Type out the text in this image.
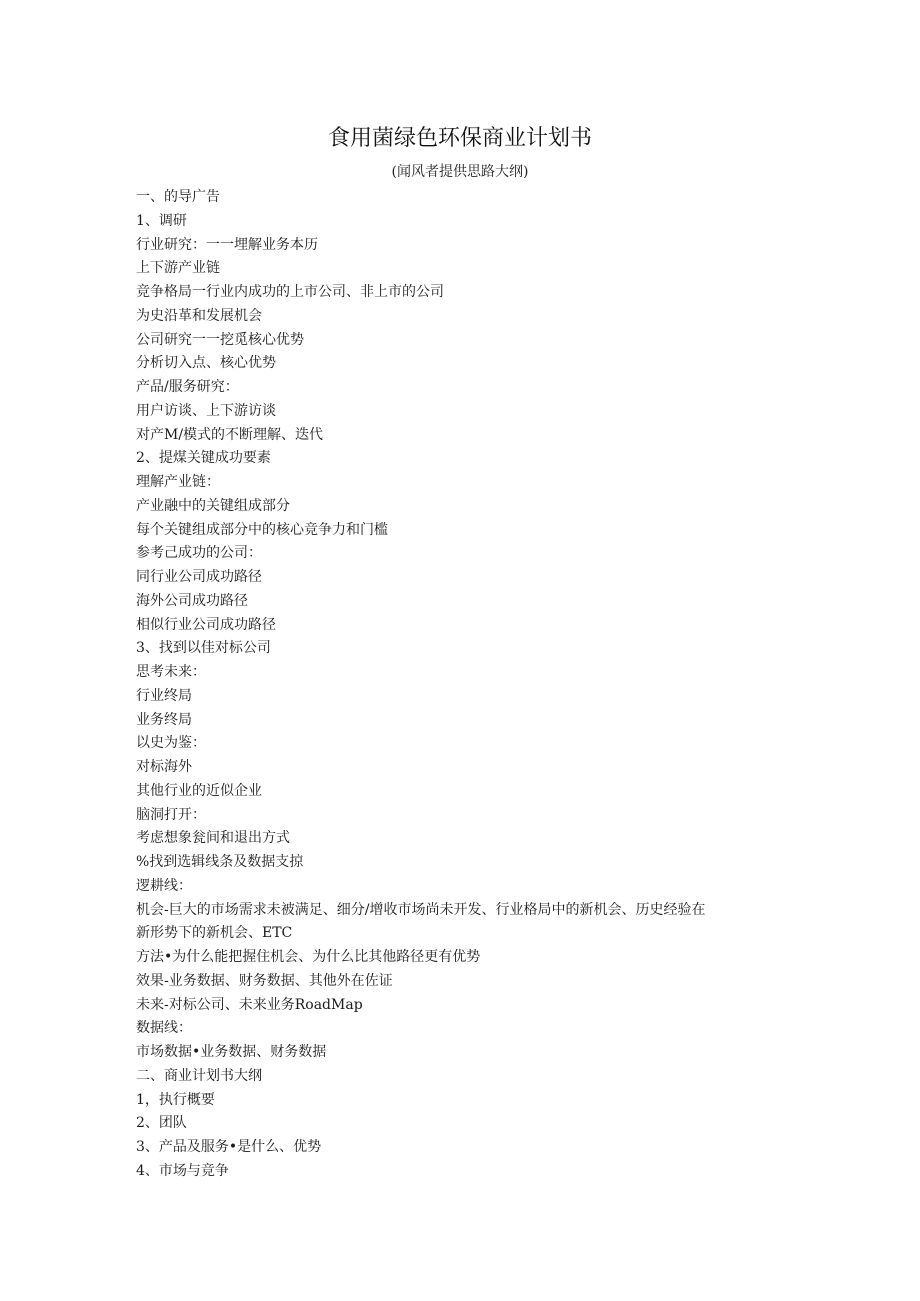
食用菌绿色环保商业计划书
(闻风者提供思路大纲)
一、的导广告
1、调研
行业研究：一一埋解业务本历
上下游产业链
竞争格局一行业内成功的上市公司、非上市的公司
为史沿革和发展机会
公司研究一一挖觅核心优势
分析切入点、核心优势
产品/服务研究：
用户访谈、上下游访谈
对产M/模式的不断理解、迭代
2、提煤关键成功要素
理解产业链：
产业融中的关键组成部分
每个关键组成部分中的核心竞争力和门槛
参考己成功的公司：
同行业公司成功路径
海外公司成功路径
相似行业公司成功路径
3、找到以佳对标公司
思考未来：
行业终局
业务终局
以史为鉴：
对标海外
其他行业的近似企业
脑洞打开：
考虑想象瓮间和退出方式
%找到选辑线条及数据支掠
逻耕线：
机会-巨大的市场需求未被满足、细分/增收市场尚未开发、行业格局中的新机会、历史经验在
新形势下的新机会、ETC
方法•为什么能把握住机会、为什么比其他路径更有优势
效果-业务数据、财务数据、其他外在佐证
未来-对标公司、未来业务RoadMap
数据线：
市场数据•业务数据、财务数据
二、商业计划书大纲
1，执行概要
2、团队
3、产品及服务•是什么、优势
4、市场与竞争
